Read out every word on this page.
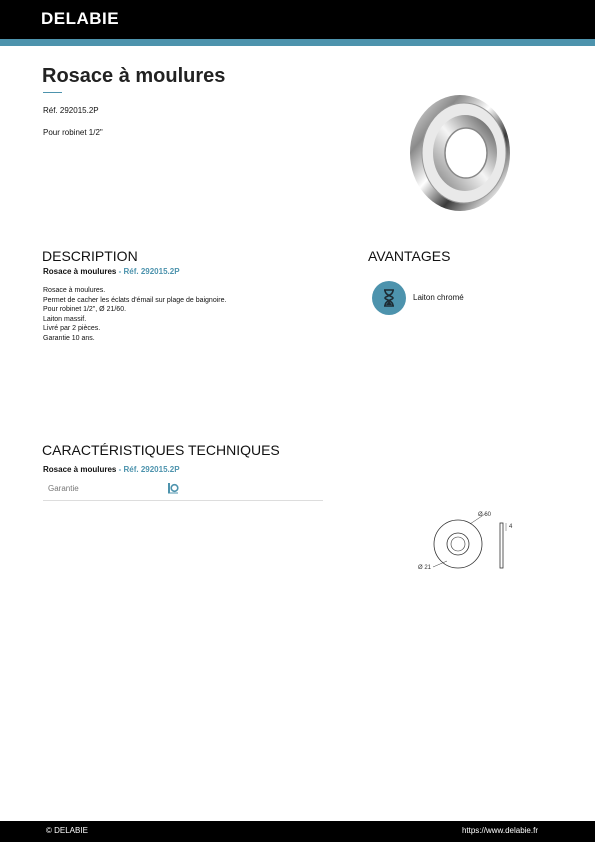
DELABIE
Rosace à moulures
Réf. 292015.2P
Pour robinet 1/2"
DESCRIPTION
Rosace à moulures - Réf. 292015.2P
Rosace à moulures.
Permet de cacher les éclats d'émail sur plage de baignoire.
Pour robinet 1/2", Ø 21/60.
Laiton massif.
Livré par 2 pièces.
Garantie 10 ans.
AVANTAGES
Laiton chromé
CARACTÉRISTIQUES TECHNIQUES
Rosace à moulures - Réf. 292015.2P
Garantie
Ø 60
Ø 21
4
© DELABIE	https://www.delabie.fr
